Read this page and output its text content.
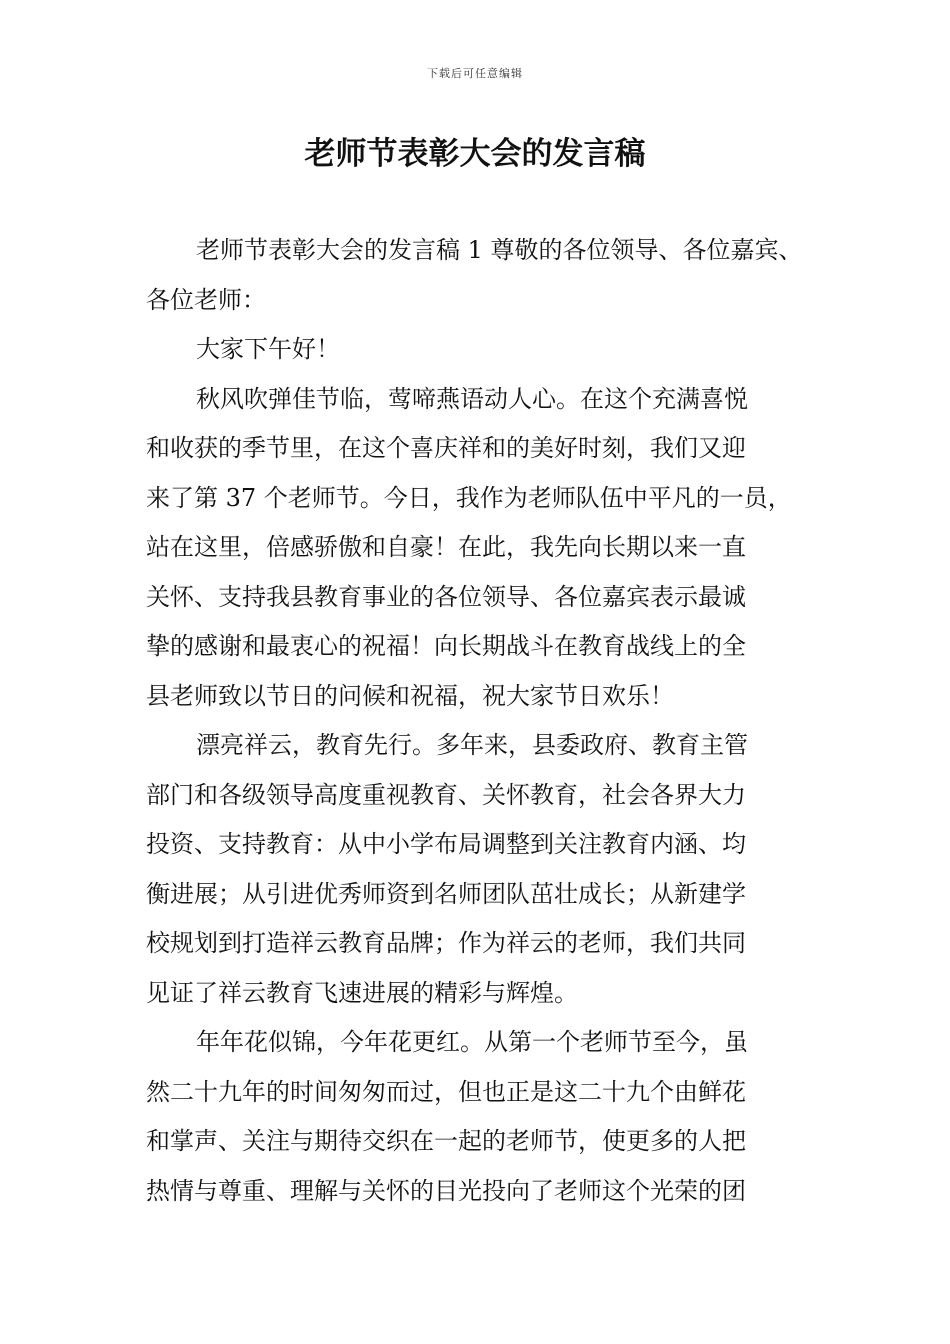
下载后可任意编辑
老师节表彰大会的发言稿
老师节表彰大会的发言稿 1 尊敬的各位领导、各位嘉宾、
各位老师：
大家下午好！
秋风吹弹佳节临，莺啼燕语动人心。在这个充满喜悦
和收获的季节里，在这个喜庆祥和的美好时刻，我们又迎
来了第 37 个老师节。今日，我作为老师队伍中平凡的一员，
站在这里，倍感骄傲和自豪！在此，我先向长期以来一直
关怀、支持我县教育事业的各位领导、各位嘉宾表示最诚
挚的感谢和最衷心的祝福！向长期战斗在教育战线上的全
县老师致以节日的问候和祝福，祝大家节日欢乐！
漂亮祥云，教育先行。多年来，县委政府、教育主管
部门和各级领导高度重视教育、关怀教育，社会各界大力
投资、支持教育：从中小学布局调整到关注教育内涵、均
衡进展；从引进优秀师资到名师团队茁壮成长；从新建学
校规划到打造祥云教育品牌；作为祥云的老师，我们共同
见证了祥云教育飞速进展的精彩与辉煌。
年年花似锦，今年花更红。从第一个老师节至今，虽
然二十九年的时间匆匆而过，但也正是这二十九个由鲜花
和掌声、关注与期待交织在一起的老师节，使更多的人把
热情与尊重、理解与关怀的目光投向了老师这个光荣的团
